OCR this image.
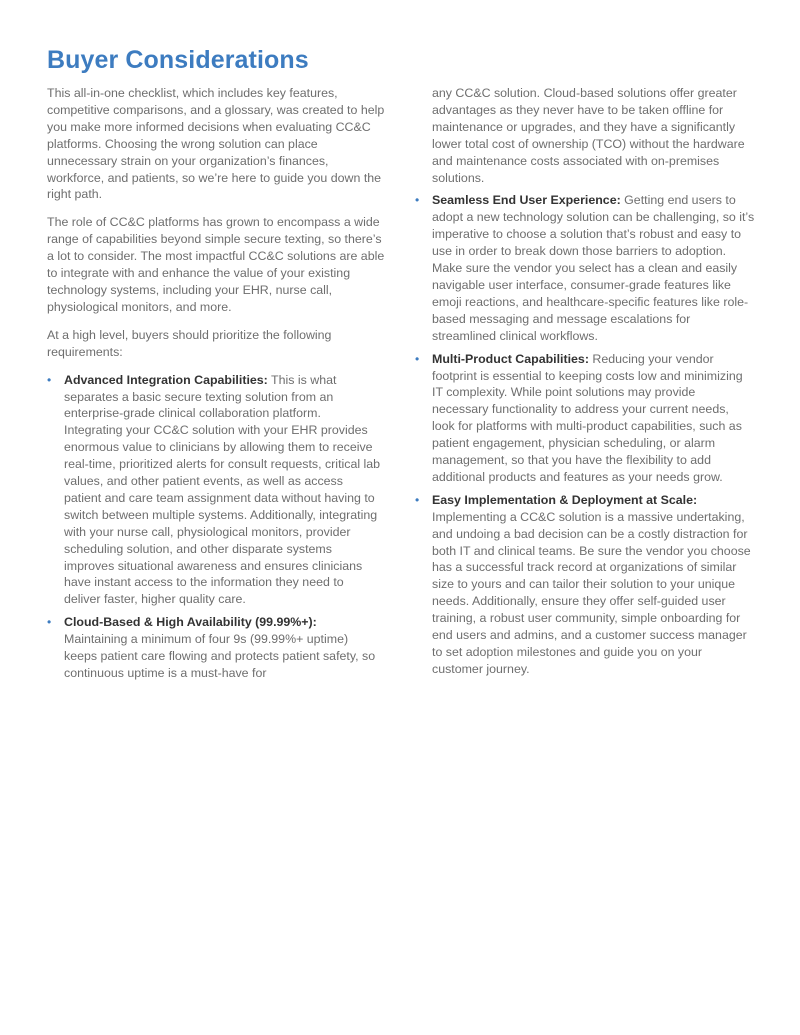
Buyer Considerations

This all-in-one checklist, which includes key features, competitive comparisons, and a glossary, was created to help you make more informed decisions when evaluating CC&C platforms. Choosing the wrong solution can place unnecessary strain on your organization’s finances, workforce, and patients, so we’re here to guide you down the right path.

The role of CC&C platforms has grown to encompass a wide range of capabilities beyond simple secure texting, so there’s a lot to consider. The most impactful CC&C solutions are able to integrate with and enhance the value of your existing technology systems, including your EHR, nurse call, physiological monitors, and more.

At a high level, buyers should prioritize the following requirements:

• Advanced Integration Capabilities: This is what separates a basic secure texting solution from an enterprise-grade clinical collaboration platform. Integrating your CC&C solution with your EHR provides enormous value to clinicians by allowing them to receive real-time, prioritized alerts for consult requests, critical lab values, and other patient events, as well as access patient and care team assignment data without having to switch between multiple systems. Additionally, integrating with your nurse call, physiological monitors, provider scheduling solution, and other disparate systems improves situational awareness and ensures clinicians have instant access to the information they need to deliver faster, higher quality care.
• Cloud-Based & High Availability (99.99%+): Maintaining a minimum of four 9s (99.99%+ uptime) keeps patient care flowing and protects patient safety, so continuous uptime is a must-have for

any CC&C solution. Cloud-based solutions offer greater advantages as they never have to be taken offline for maintenance or upgrades, and they have a significantly lower total cost of ownership (TCO) without the hardware and maintenance costs associated with on-premises solutions.

• Seamless End User Experience: Getting end users to adopt a new technology solution can be challenging, so it’s imperative to choose a solution that’s robust and easy to use in order to break down those barriers to adoption. Make sure the vendor you select has a clean and easily navigable user interface, consumer-grade features like emoji reactions, and healthcare-specific features like role-based messaging and message escalations for streamlined clinical workflows.
• Multi-Product Capabilities: Reducing your vendor footprint is essential to keeping costs low and minimizing IT complexity. While point solutions may provide necessary functionality to address your current needs, look for platforms with multi-product capabilities, such as patient engagement, physician scheduling, or alarm management, so that you have the flexibility to add additional products and features as your needs grow.
• Easy Implementation & Deployment at Scale: Implementing a CC&C solution is a massive undertaking, and undoing a bad decision can be a costly distraction for both IT and clinical teams. Be sure the vendor you choose has a successful track record at organizations of similar size to yours and can tailor their solution to your unique needs. Additionally, ensure they offer self-guided user training, a robust user community, simple onboarding for end users and admins, and a customer success manager to set adoption milestones and guide you on your customer journey.
